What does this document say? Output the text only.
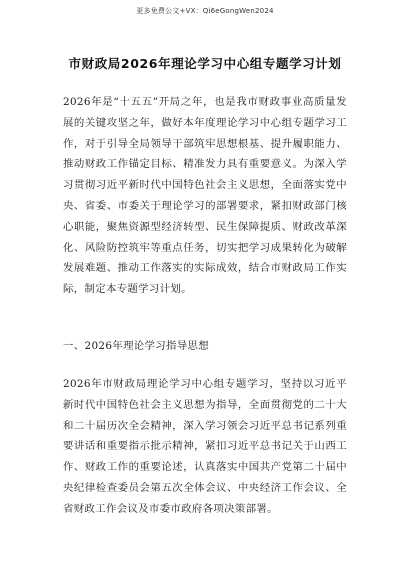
更多免费公文+VX：Qi6eGongWen2024
市财政局2026年理论学习中心组专题学习计划

2026年是“十五五”开局之年，也是我市财政事业高质量发展的关键攻坚之年，做好本年度理论学习中心组专题学习工作，对于引导全局领导干部筑牢思想根基、提升履职能力、推动财政工作锚定目标、精准发力具有重要意义。为深入学习贯彻习近平新时代中国特色社会主义思想，全面落实党中央、省委、市委关于理论学习的部署要求，紧扣财政部门核心职能，聚焦资源型经济转型、民生保障提质、财政改革深化、风险防控筑牢等重点任务，切实把学习成果转化为破解发展难题、推动工作落实的实际成效，结合市财政局工作实际，制定本专题学习计划。

一、2026年理论学习指导思想

2026年市财政局理论学习中心组专题学习，坚持以习近平新时代中国特色社会主义思想为指导，全面贯彻党的二十大和二十届历次全会精神，深入学习领会习近平总书记系列重要讲话和重要指示批示精神，紧扣习近平总书记关于山西工作、财政工作的重要论述，认真落实中国共产党第二十届中央纪律检查委员会第五次全体会议、中央经济工作会议、全省财政工作会议及市委市政府各项决策部署。
